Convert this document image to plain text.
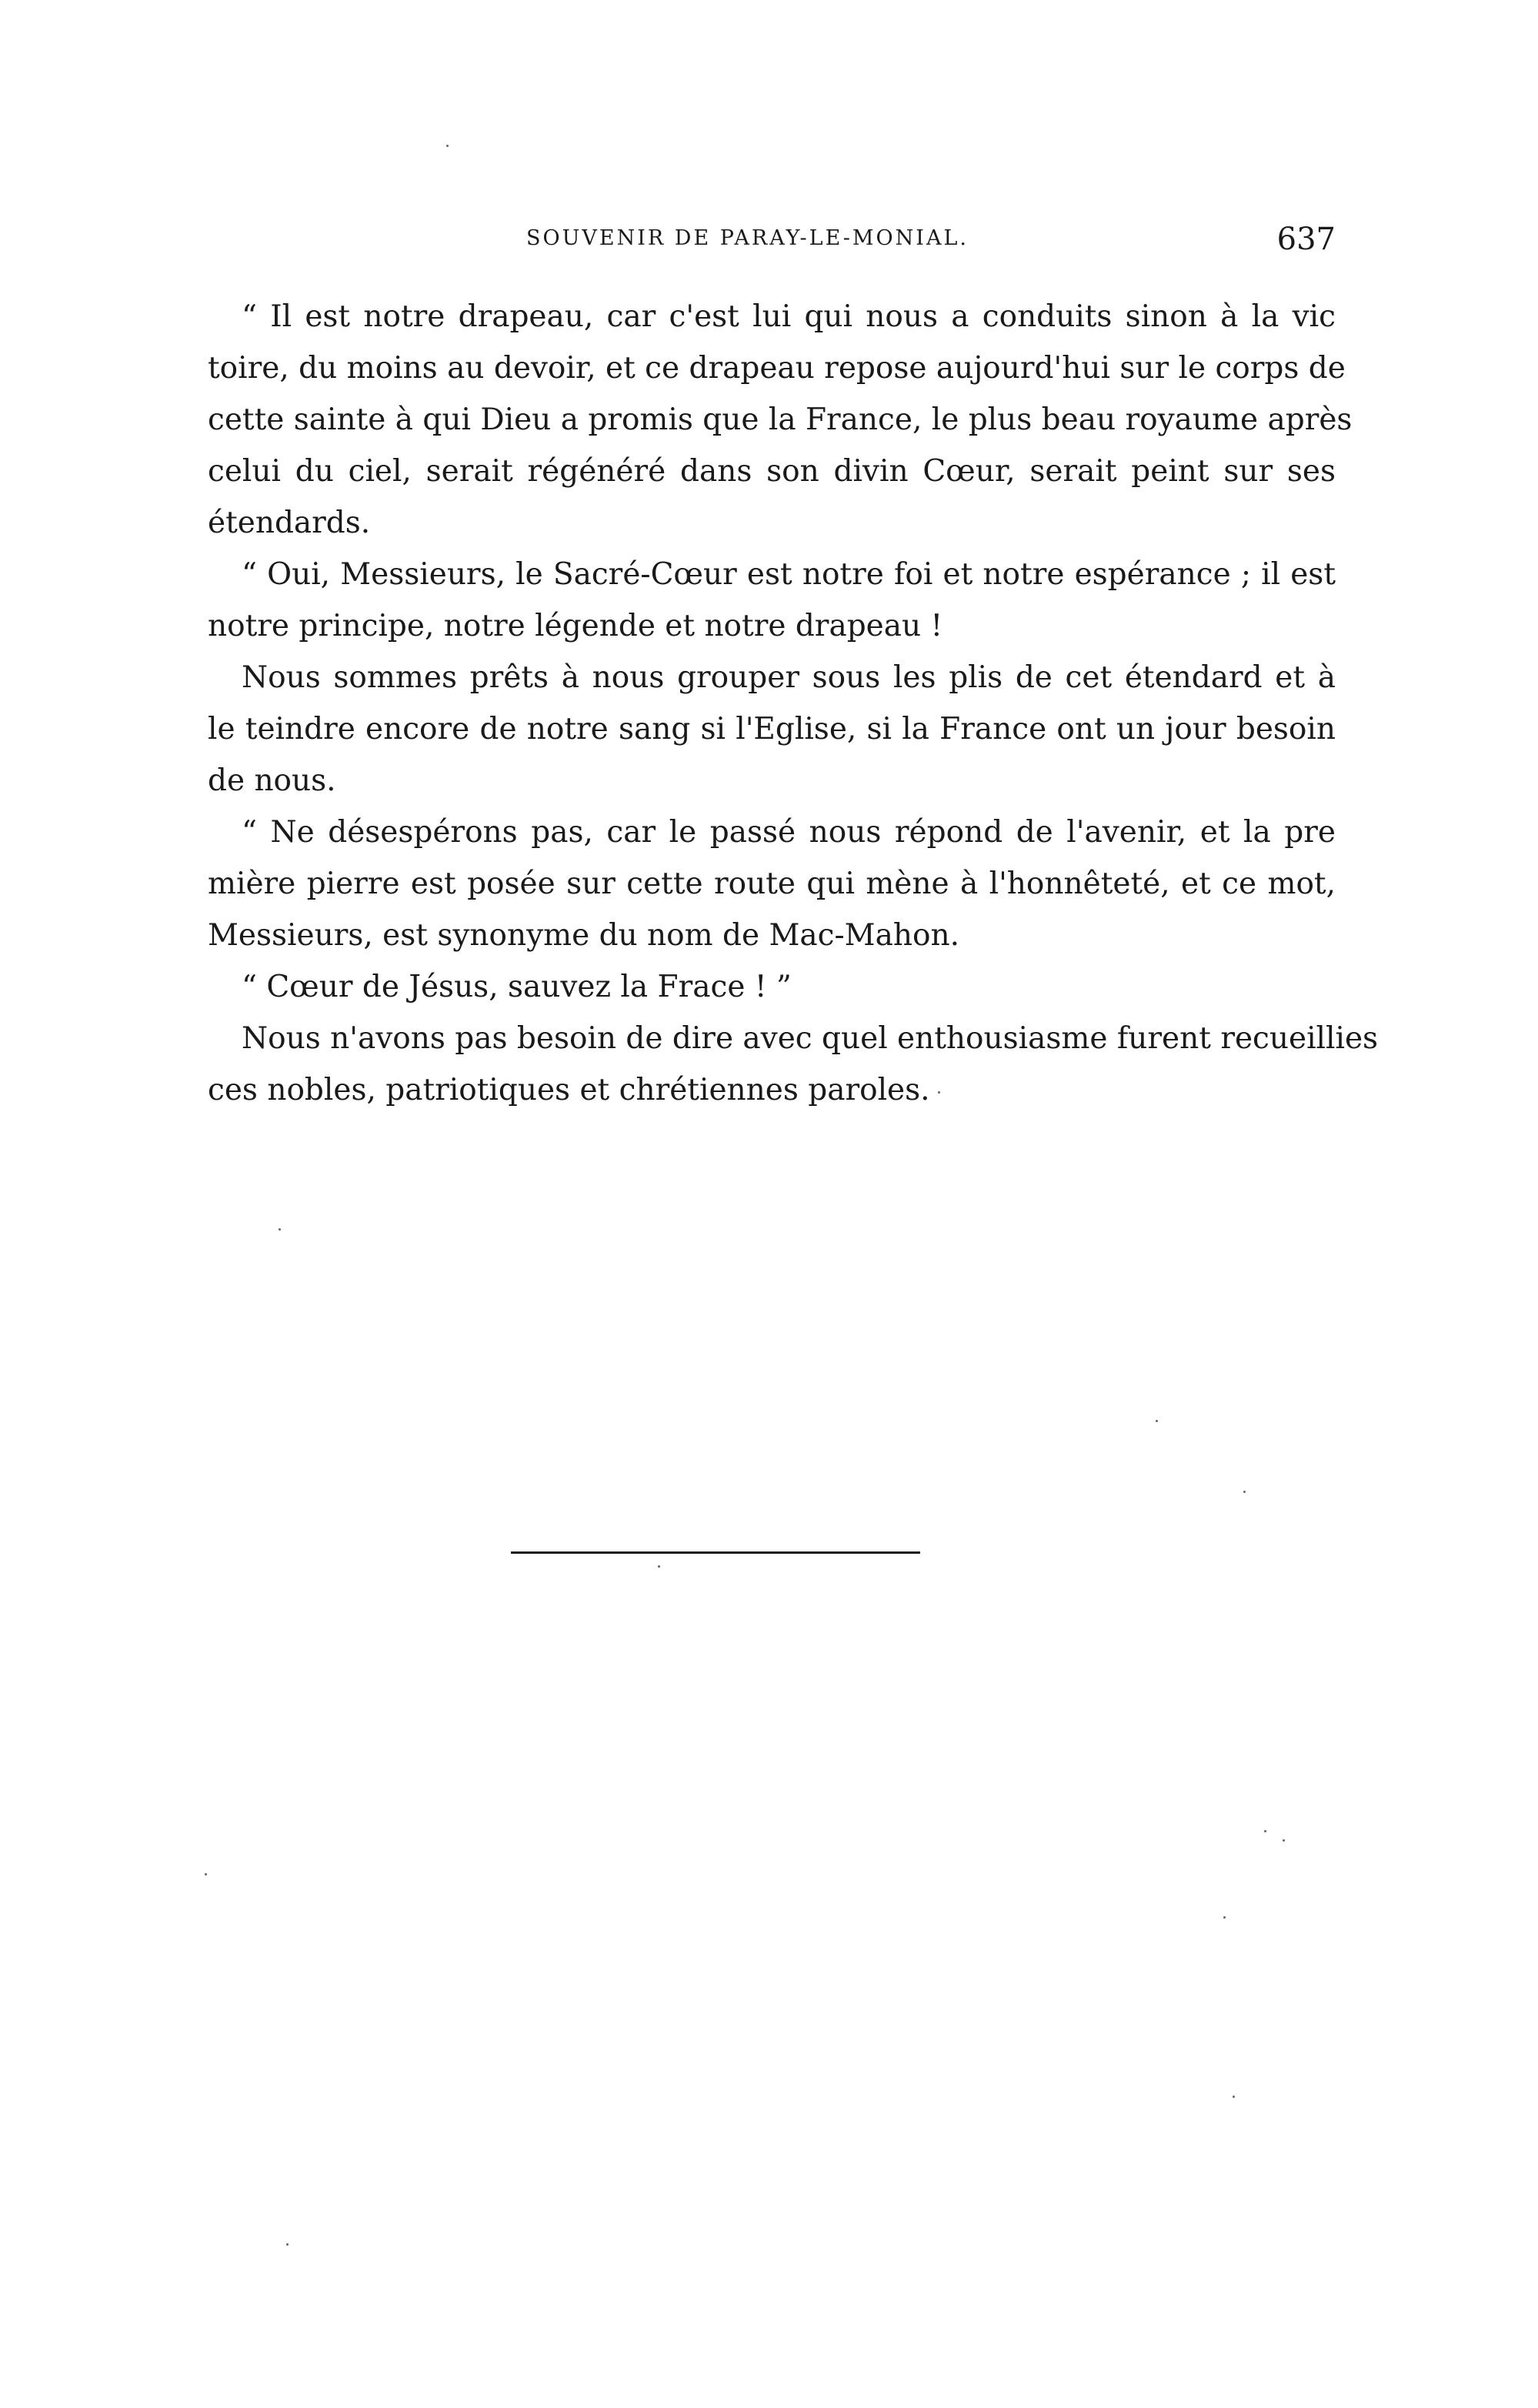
SOUVENIR DE PARAY-LE-MONIAL.	637
“ Il est notre drapeau, car c'est lui qui nous a conduits sinon à la vic
toire, du moins au devoir, et ce drapeau repose aujourd'hui sur le corps de
cette sainte à qui Dieu a promis que la France, le plus beau royaume après
celui du ciel, serait régénéré dans son divin Cœur, serait peint sur ses
étendards.
“ Oui, Messieurs, le Sacré-Cœur est notre foi et notre espérance ; il est
notre principe, notre légende et notre drapeau !
Nous sommes prêts à nous grouper sous les plis de cet étendard et à
le teindre encore de notre sang si l'Eglise, si la France ont un jour besoin
de nous.
“ Ne désespérons pas, car le passé nous répond de l'avenir, et la pre
mière pierre est posée sur cette route qui mène à l'honnêteté, et ce mot,
Messieurs, est synonyme du nom de Mac-Mahon.
“ Cœur de Jésus, sauvez la Frace ! ”
Nous n'avons pas besoin de dire avec quel enthousiasme furent recueillies
ces nobles, patriotiques et chrétiennes paroles.
